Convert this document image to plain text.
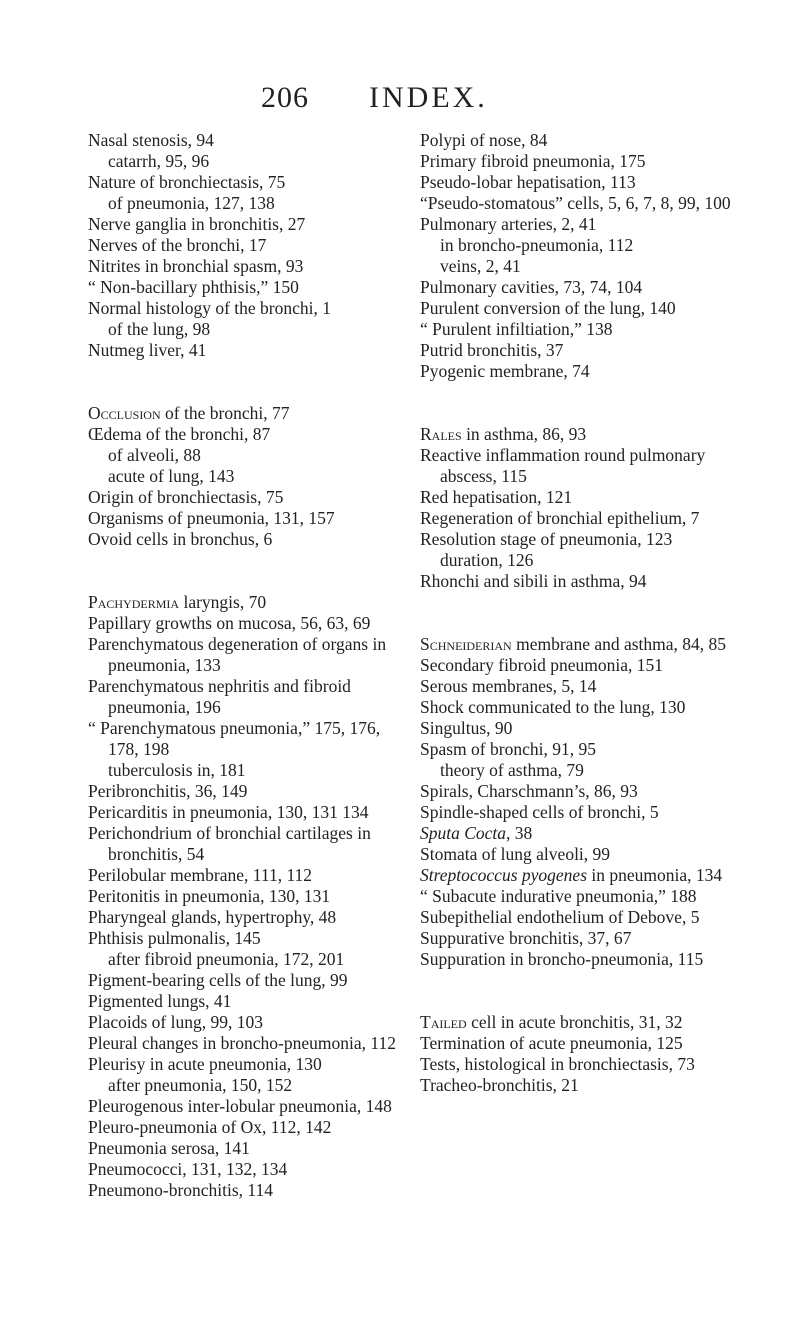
206 INDEX.
Nasal stenosis, 94
catarrh, 95, 96
Nature of bronchiectasis, 75
of pneumonia, 127, 138
Nerve ganglia in bronchitis, 27
Nerves of the bronchi, 17
Nitrites in bronchial spasm, 93
“ Non-bacillary phthisis,” 150
Normal histology of the bronchi, 1
of the lung, 98
Nutmeg liver, 41
Occlusion of the bronchi, 77
Œdema of the bronchi, 87
of alveoli, 88
acute of lung, 143
Origin of bronchiectasis, 75
Organisms of pneumonia, 131, 157
Ovoid cells in bronchus, 6
Pachydermia laryngis, 70
Papillary growths on mucosa, 56, 63, 69
Parenchymatous degeneration of organs in pneumonia, 133
Parenchymatous nephritis and fibroid pneumonia, 196
“ Parenchymatous pneumonia,” 175, 176, 178, 198
tuberculosis in, 181
Peribronchitis, 36, 149
Pericarditis in pneumonia, 130, 131 134
Perichondrium of bronchial cartilages in bronchitis, 54
Perilobular membrane, 111, 112
Peritonitis in pneumonia, 130, 131
Pharyngeal glands, hypertrophy, 48
Phthisis pulmonalis, 145
after fibroid pneumonia, 172, 201
Pigment-bearing cells of the lung, 99
Pigmented lungs, 41
Placoids of lung, 99, 103
Pleural changes in broncho-pneumonia, 112
Pleurisy in acute pneumonia, 130
after pneumonia, 150, 152
Pleurogenous inter-lobular pneumonia, 148
Pleuro-pneumonia of Ox, 112, 142
Pneumonia serosa, 141
Pneumococci, 131, 132, 134
Pneumono-bronchitis, 114
Polypi of nose, 84
Primary fibroid pneumonia, 175
Pseudo-lobar hepatisation, 113
“Pseudo-stomatous” cells, 5, 6, 7, 8, 99, 100
Pulmonary arteries, 2, 41
in broncho-pneumonia, 112
veins, 2, 41
Pulmonary cavities, 73, 74, 104
Purulent conversion of the lung, 140
“ Purulent infiltiation,” 138
Putrid bronchitis, 37
Pyogenic membrane, 74
Rales in asthma, 86, 93
Reactive inflammation round pulmonary abscess, 115
Red hepatisation, 121
Regeneration of bronchial epithelium, 7
Resolution stage of pneumonia, 123
duration, 126
Rhonchi and sibili in asthma, 94
Schneiderian membrane and asthma, 84, 85
Secondary fibroid pneumonia, 151
Serous membranes, 5, 14
Shock communicated to the lung, 130
Singultus, 90
Spasm of bronchi, 91, 95
theory of asthma, 79
Spirals, Charschmann’s, 86, 93
Spindle-shaped cells of bronchi, 5
Sputa Cocta, 38
Stomata of lung alveoli, 99
Streptococcus pyogenes in pneumonia, 134
“ Subacute indurative pneumonia,” 188
Subepithelial endothelium of Debove, 5
Suppurative bronchitis, 37, 67
Suppuration in broncho-pneumonia, 115
Tailed cell in acute bronchitis, 31, 32
Termination of acute pneumonia, 125
Tests, histological in bronchiectasis, 73
Tracheo-bronchitis, 21
